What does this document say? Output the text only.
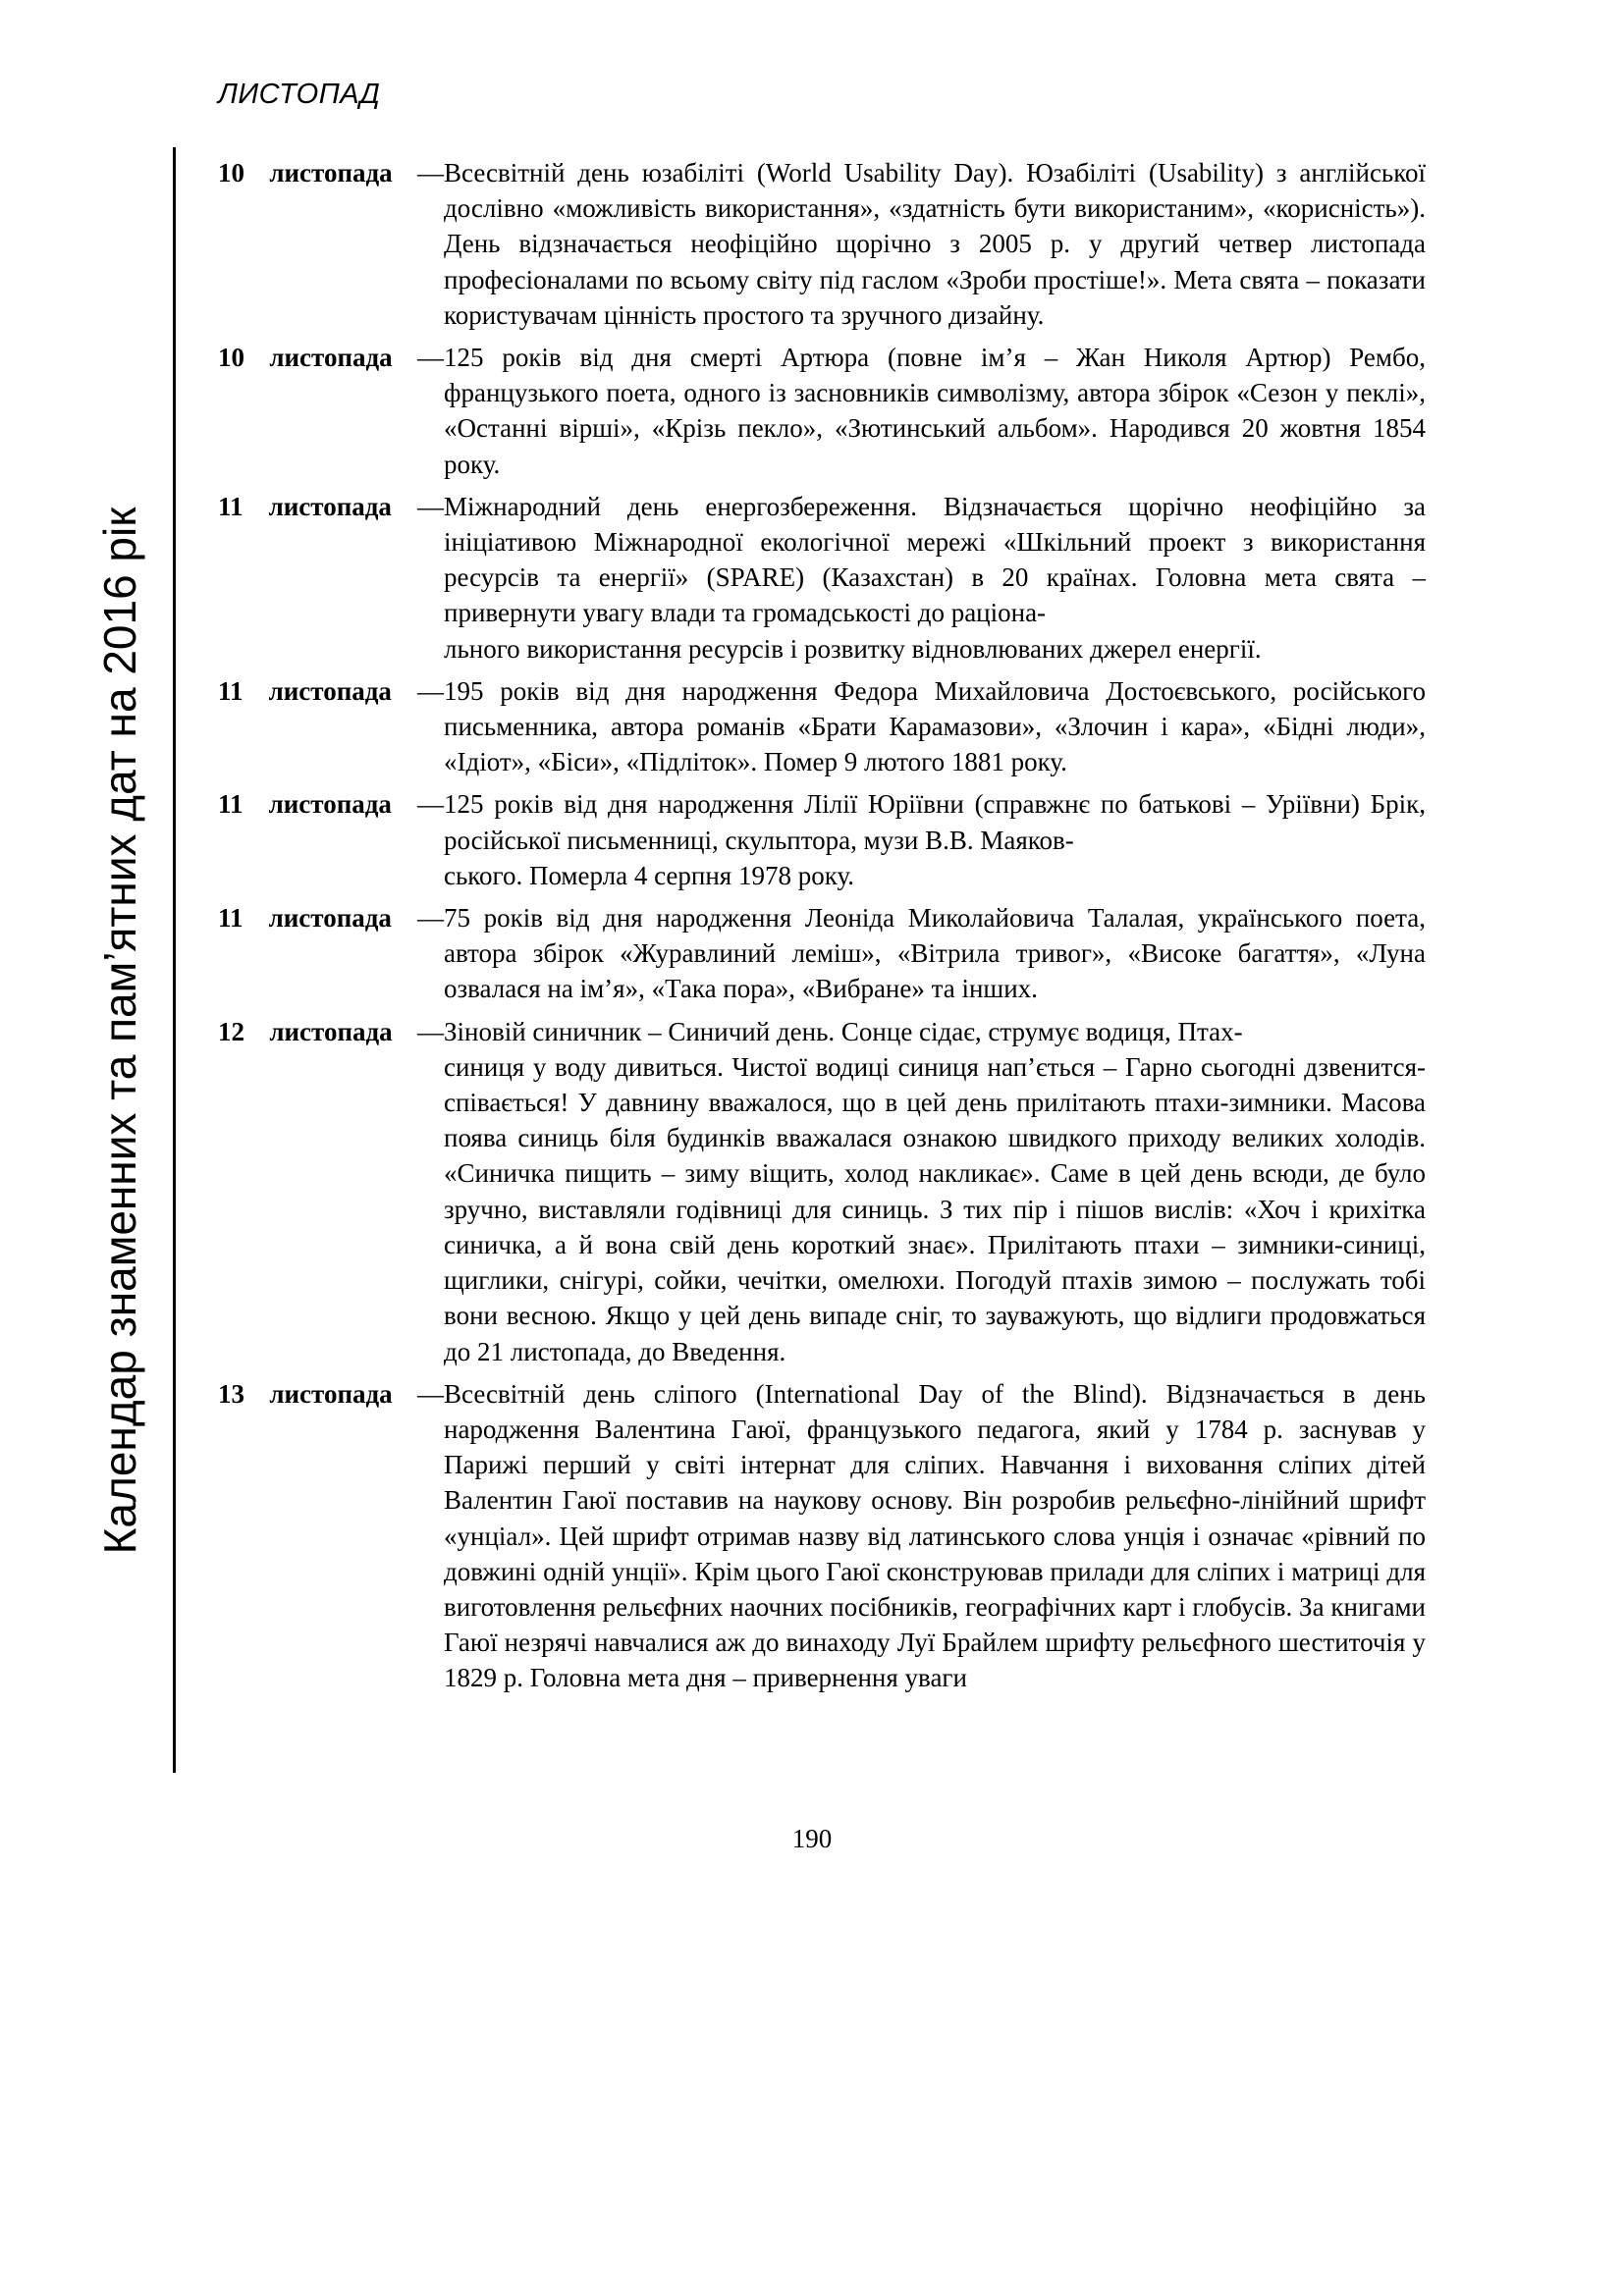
ЛИСТОПАД
Календар знаменних та пам’ятних дат на 2016 рік
10 листопада — Всесвітній день юзабіліті (World Usability Day). Юзабіліті (Usability) з англійської дослівно «можливість використання», «здатність бути використаним», «корисність»). День відзначається неофіційно щорічно з 2005 р. у другий четвер листопада професіоналами по всьому світу під гаслом «Зроби простіше!». Мета свята – показати користувачам цінність простого та зручного дизайну.
10 листопада — 125 років від дня смерті Артюра (повне ім’я – Жан Николя Артюр) Рембо, французького поета, одного із засновників символізму, автора збірок «Сезон у пеклі», «Останні вірші», «Крізь пекло», «Зютинський альбом». Народився 20 жовтня 1854 року.
11 листопада — Міжнародний день енергозбереження. Відзначається щорічно неофіційно за ініціативою Міжнародної екологічної мережі «Шкільний проект з використання ресурсів та енергії» (SPARE) (Казахстан) в 20 країнах. Головна мета свята – привернути увагу влади та громадськості до раціона-
льного використання ресурсів і розвитку відновлюваних джерел енергії.
11 листопада — 195 років від дня народження Федора Михайловича Достоєвського, російського письменника, автора романів «Брати Карамазови», «Злочин і кара», «Бідні люди», «Ідіот», «Біси», «Підліток». Помер 9 лютого 1881 року.
11 листопада — 125 років від дня народження Лілії Юріївни (справжнє по батькові – Уріївни) Брік, російської письменниці, скульптора, музи В.В. Маяков-
ського. Померла 4 серпня 1978 року.
11 листопада — 75 років від дня народження Леоніда Миколайовича Талалая, українського поета, автора збірок «Журавлиний леміш», «Вітрила тривог», «Високе багаття», «Луна озвалася на ім’я», «Така пора», «Вибране» та інших.
12 листопада — Зіновій синичник – Синичий день. Сонце сідає, струмує водиця, Птах-
синиця у воду дивиться. Чистої водиці синиця нап’ється – Гарно сьогодні дзвенится-співається! У давнину вважалося, що в цей день прилітають птахи-зимники. Масова поява синиць біля будинків вважалася ознакою швидкого приходу великих холодів. «Синичка пищить – зиму віщить, холод накликає». Саме в цей день всюди, де було зручно, виставляли годівниці для синиць. З тих пір і пішов вислів: «Хоч і крихітка синичка, а й вона свій день короткий знає». Прилітають птахи – зимники-синиці, щиглики, снігурі, сойки, чечітки, омелюхи. Погодуй птахів зимою – послужать тобі вони весною. Якщо у цей день випаде сніг, то зауважують, що відлиги продовжаться до 21 листопада, до Введення.
13 листопада — Всесвітній день сліпого (International Day of the Blind). Відзначається в день народження Валентина Гаюї, французького педагога, який у 1784 р. заснував у Парижі перший у світі інтернат для сліпих. Навчання і виховання сліпих дітей Валентин Гаюї поставив на наукову основу. Він розробив рельєфно-лінійний шрифт «унціал». Цей шрифт отримав назву від латинського слова унція і означає «рівний по довжині одній унції». Крім цього Гаюї сконструював прилади для сліпих і матриці для виготовлення рельєфних наочних посібників, географічних карт і глобусів. За книгами Гаюї незрячі навчалися аж до винаходу Луї Брайлем шрифту рельєфного шеститочія у 1829 р. Головна мета дня – привернення уваги
190
